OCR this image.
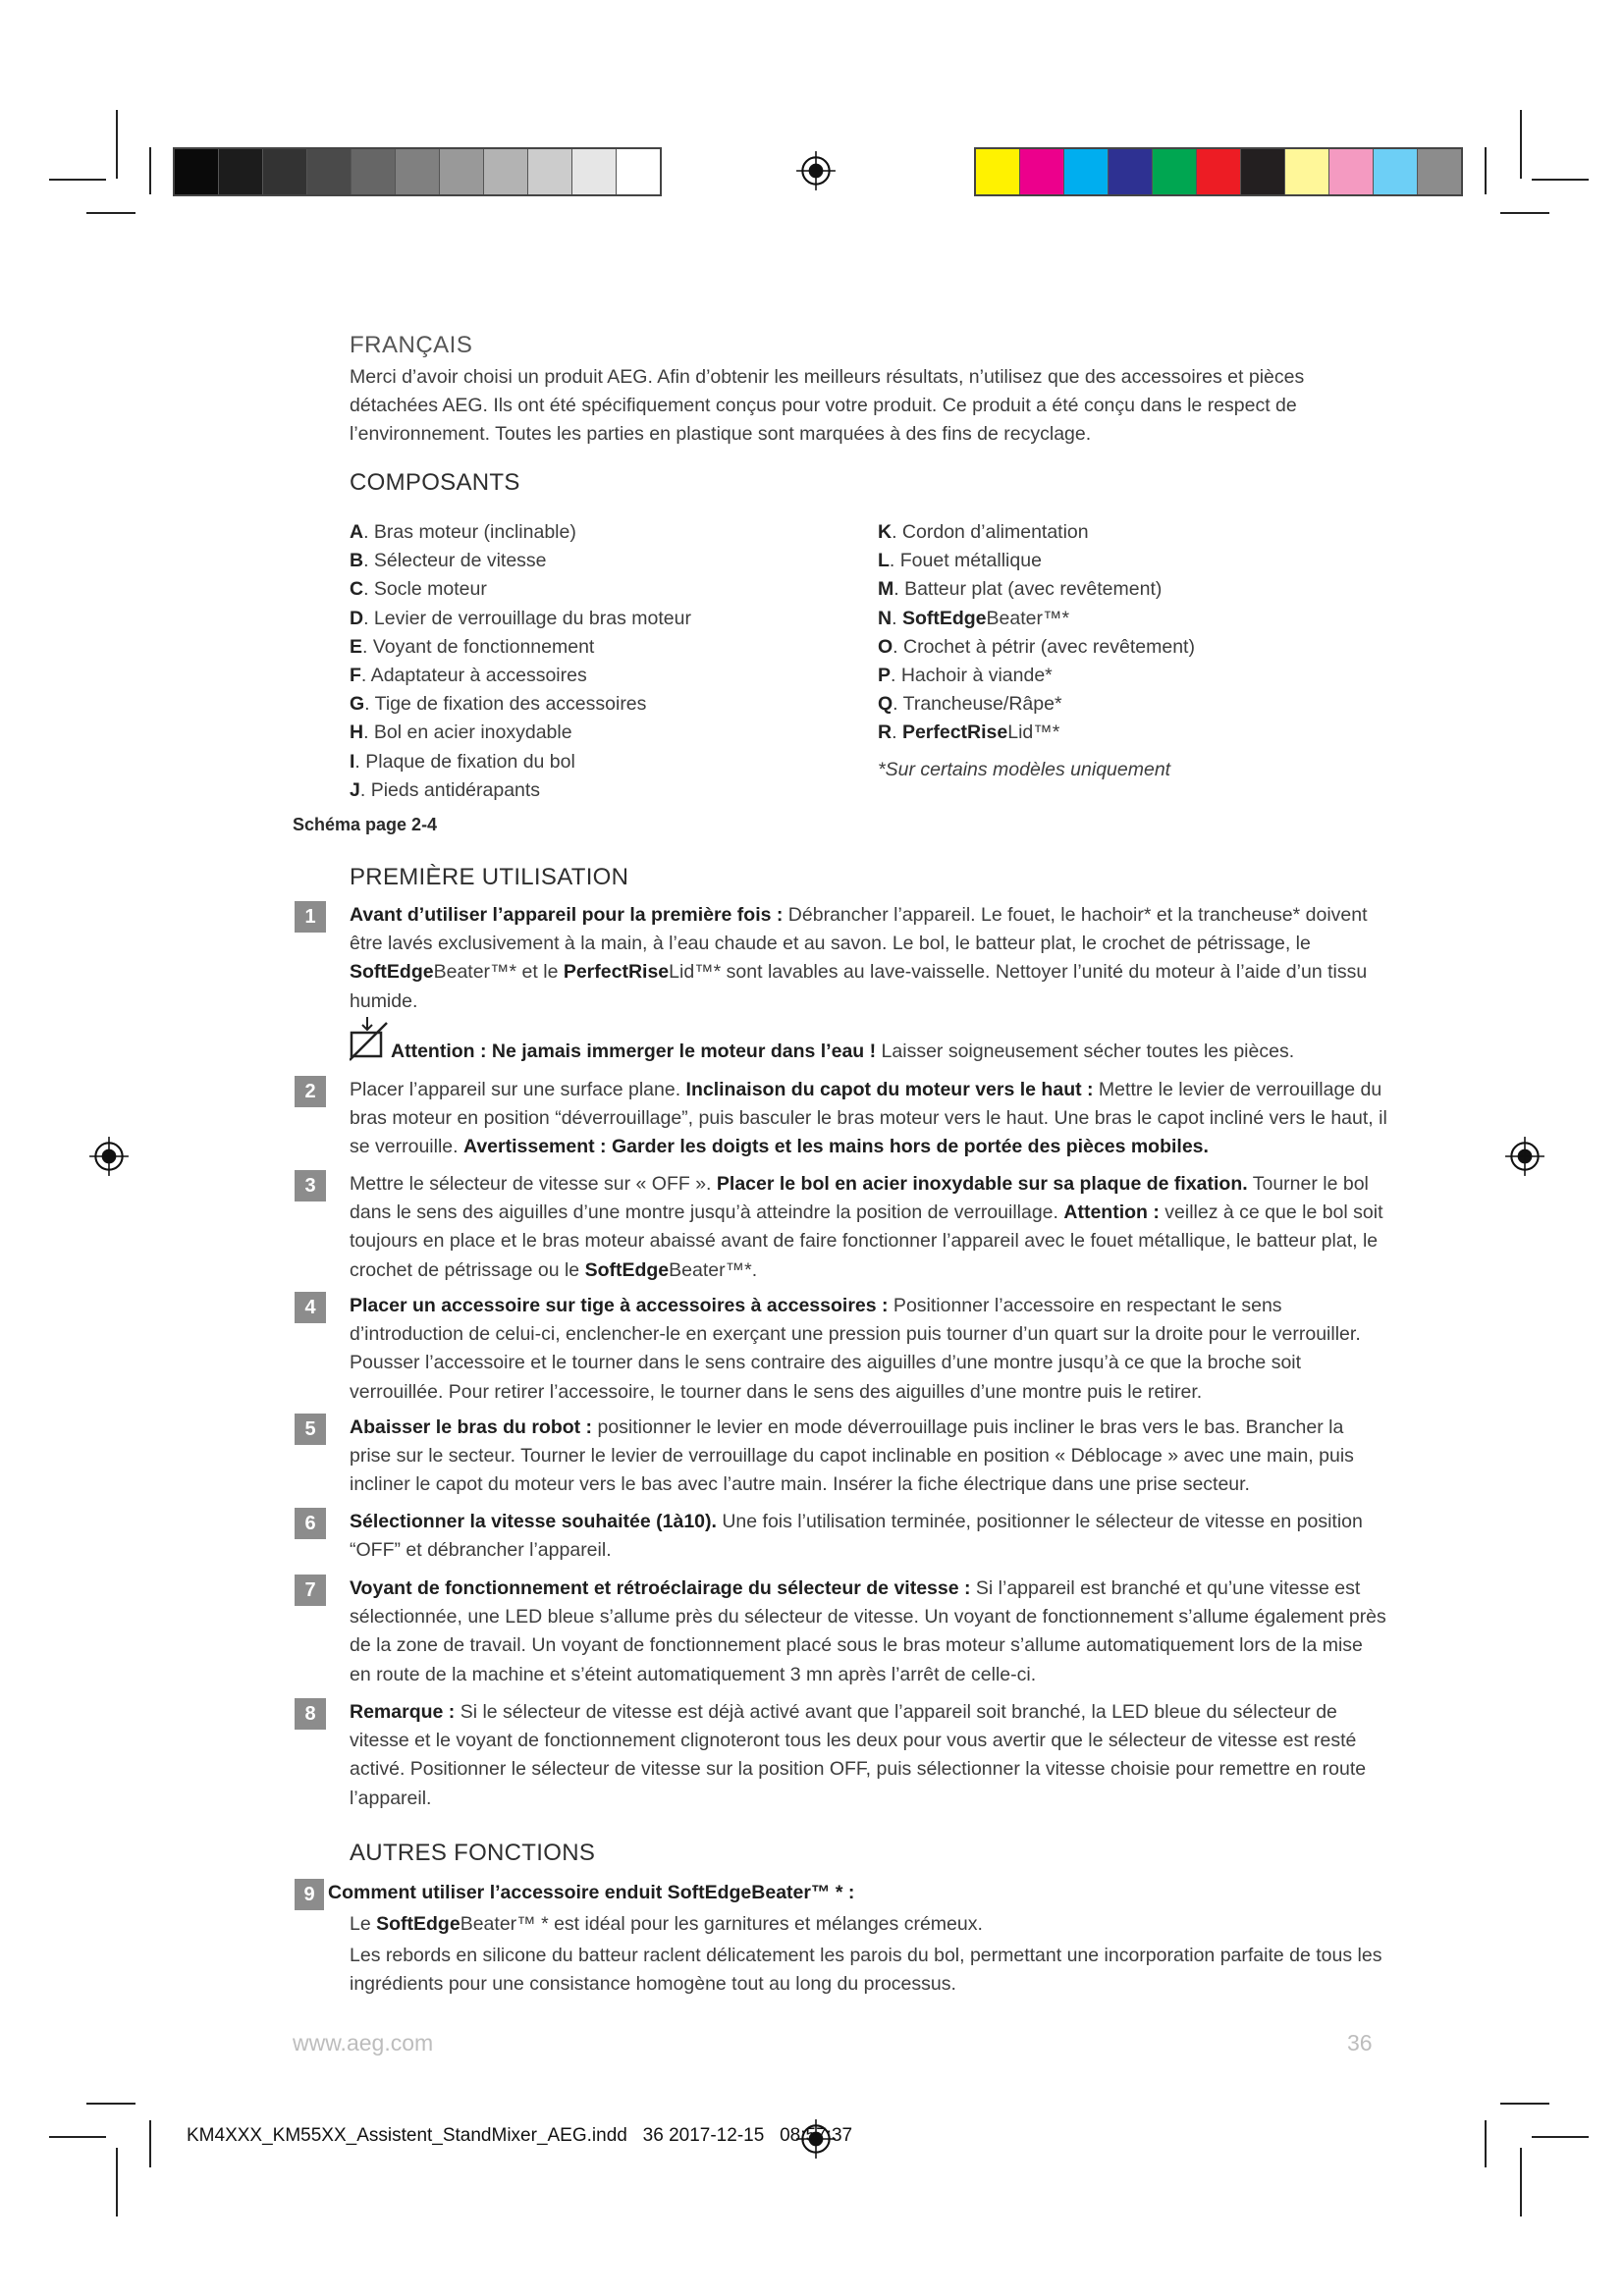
FRANÇAIS
Merci d’avoir choisi un produit AEG. Afin d’obtenir les meilleurs résultats, n’utilisez que des accessoires et pièces détachées AEG. Ils ont été spécifiquement conçus pour votre produit. Ce produit a été conçu dans le respect de l’environnement. Toutes les parties en plastique sont marquées à des fins de recyclage.
COMPOSANTS
A. Bras moteur (inclinable)
B. Sélecteur de vitesse
C. Socle moteur
D. Levier de verrouillage du bras moteur
E. Voyant de fonctionnement
F. Adaptateur à accessoires
G. Tige de fixation des accessoires
H. Bol en acier inoxydable
I. Plaque de fixation du bol
J. Pieds antidérapants
K. Cordon d’alimentation
L. Fouet métallique
M. Batteur plat (avec revêtement)
N. SoftEdgeBeater™*
O. Crochet à pétrir (avec revêtement)
P. Hachoir à viande*
Q. Trancheuse/Râpe*
R. PerfectRiseLid™*
*Sur certains modèles uniquement
Schéma page 2-4
PREMIÈRE UTILISATION
1	Avant d’utiliser l’appareil pour la première fois : Débrancher l’appareil. Le fouet, le hachoir* et la trancheuse* doivent être lavés exclusivement à la main, à l’eau chaude et au savon. Le bol, le batteur plat, le crochet de pétrissage, le SoftEdgeBeater™* et le PerfectRiseLid™* sont lavables au lave-vaisselle. Nettoyer l’unité du moteur à l’aide d’un tissu humide.
Attention : Ne jamais immerger le moteur dans l’eau ! Laisser soigneusement sécher toutes les pièces.
2	Placer l’appareil sur une surface plane. Inclinaison du capot du moteur vers le haut : Mettre le levier de verrouillage du bras moteur en position “déverrouillage”, puis basculer le bras moteur vers le haut. Une bras le capot incliné vers le haut, il se verrouille. Avertissement : Garder les doigts et les mains hors de portée des pièces mobiles.
3	Mettre le sélecteur de vitesse sur « OFF ». Placer le bol en acier inoxydable sur sa plaque de fixation. Tourner le bol dans le sens des aiguilles d’une montre jusqu’à atteindre la position de verrouillage. Attention : veillez à ce que le bol soit toujours en place et le bras moteur abaissé avant de faire fonctionner l’appareil avec le fouet métallique, le batteur plat, le crochet de pétrissage ou le SoftEdgeBeater™*.
4	Placer un accessoire sur tige à accessoires à accessoires : Positionner l’accessoire en respectant le sens d’introduction de celui-ci, enclencher-le en exerçant une pression puis tourner d’un quart sur la droite pour le verrouiller. Pousser l’accessoire et le tourner dans le sens contraire des aiguilles d’une montre jusqu’à ce que la broche soit verrouillée. Pour retirer l’accessoire, le tourner dans le sens des aiguilles d’une montre puis le retirer.
5	Abaisser le bras du robot : positionner le levier en mode déverrouillage puis incliner le bras vers le bas. Brancher la prise sur le secteur. Tourner le levier de verrouillage du capot inclinable en position « Déblocage » avec une main, puis incliner le capot du moteur vers le bas avec l’autre main. Insérer la fiche électrique dans une prise secteur.
6	Sélectionner la vitesse souhaitée (1à10). Une fois l’utilisation terminée, positionner le sélecteur de vitesse en position “OFF” et débrancher l’appareil.
7	Voyant de fonctionnement et rétroéclairage du sélecteur de vitesse : Si l’appareil est branché et qu’une vitesse est sélectionnée, une LED bleue s’allume près du sélecteur de vitesse. Un voyant de fonctionnement s’allume également près de la zone de travail. Un voyant de fonctionnement placé sous le bras moteur s’allume automatiquement lors de la mise en route de la machine et s’éteint automatiquement 3 mn après l’arrêt de celle-ci.
8	Remarque : Si le sélecteur de vitesse est déjà activé avant que l’appareil soit branché, la LED bleue du sélecteur de vitesse et le voyant de fonctionnement clignoteront tous les deux pour vous avertir que le sélecteur de vitesse est resté activé. Positionner le sélecteur de vitesse sur la position OFF, puis sélectionner la vitesse choisie pour remettre en route l’appareil.
AUTRES FONCTIONS
9 Comment utiliser l’accessoire enduit SoftEdgeBeater™ * :
Le SoftEdgeBeater™ * est idéal pour les garnitures et mélanges crémeux.
Les rebords en silicone du batteur raclent délicatement les parois du bol, permettant une incorporation parfaite de tous les ingrédients pour une consistance homogène tout au long du processus.
www.aeg.com	36
KM4XXX_KM55XX_Assistent_StandMixer_AEG.indd   36 2017-12-15   08:57:37
